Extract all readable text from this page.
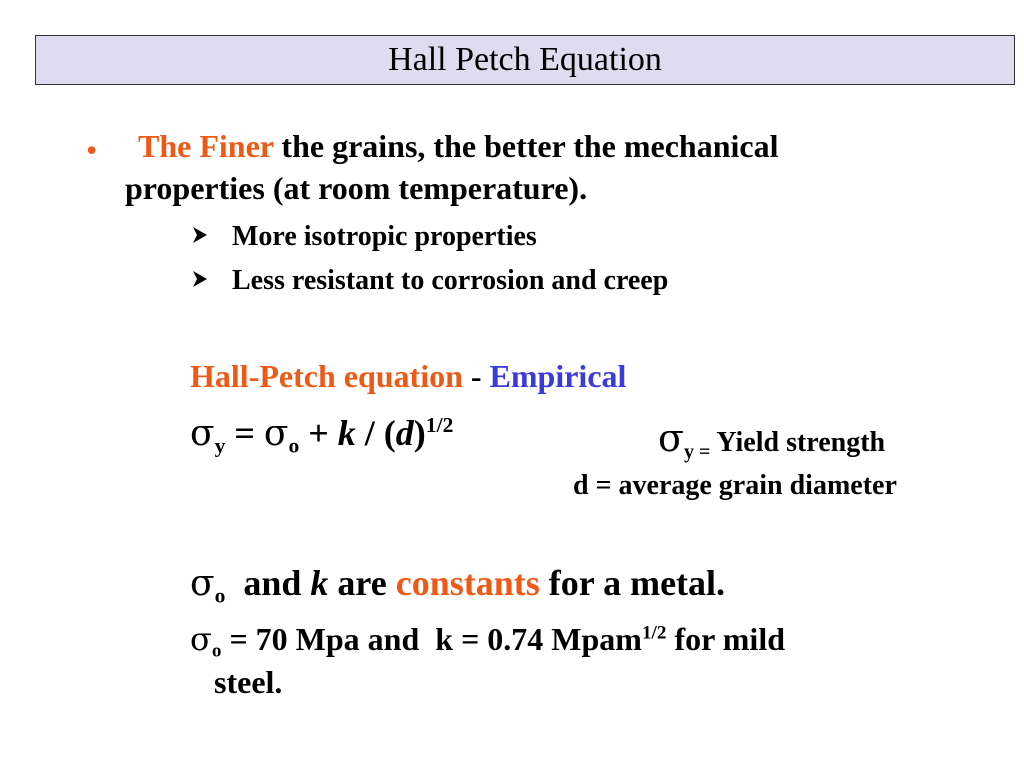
Hall Petch Equation
• The Finer the grains, the better the mechanical
properties (at room temperature).
More isotropic properties
Less resistant to corrosion and creep
Hall-Petch equation - Empirical
$\sigma_y = \sigma_o + k / (d)^{1/2}$	$\sigma_{y =}$ Yield strength
d = average grain diameter
$\sigma_o$ and k are constants for a metal.
$\sigma_o = 70$ Mpa and  k = 0.74 Mpam$^{1/2}$ for mild
steel.
